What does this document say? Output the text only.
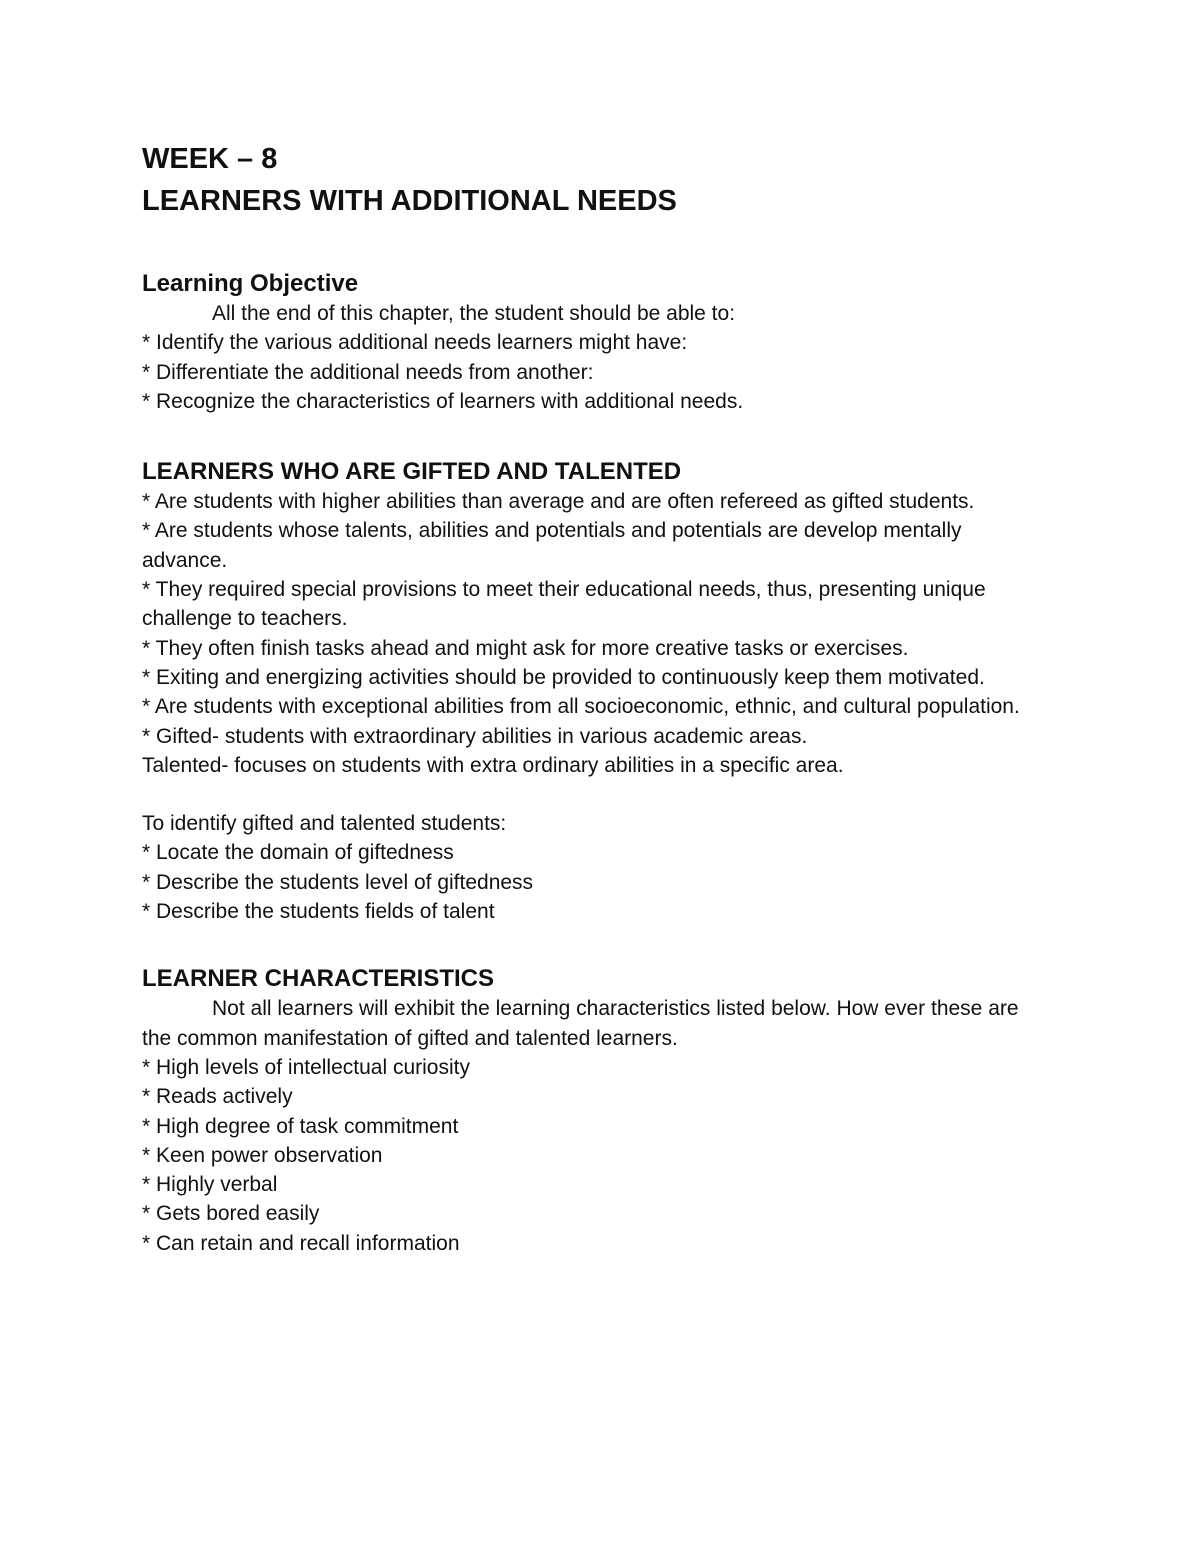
WEEK – 8
LEARNERS WITH ADDITIONAL NEEDS
Learning Objective

All the end of this chapter, the student should be able to:

* Identify the various additional needs learners might have:
* Differentiate the additional needs from another:
* Recognize the characteristics of learners with additional needs.
LEARNERS WHO ARE GIFTED AND TALENTED
* Are students with higher abilities than average and are often refereed as gifted students.
* Are students whose talents, abilities and potentials and potentials are develop mentally advance.
* They required special provisions to meet their educational needs, thus, presenting unique challenge to teachers.
* They often finish tasks ahead and might ask for more creative tasks or exercises.
* Exiting and energizing activities should be provided to continuously keep them motivated.
* Are students with exceptional abilities from all socioeconomic, ethnic, and cultural population.
* Gifted- students with extraordinary abilities in various academic areas.
Talented- focuses on students with extra ordinary abilities in a specific area.

To identify gifted and talented students:

* Locate the domain of giftedness
* Describe the students level of giftedness
* Describe the students fields of talent
LEARNER CHARACTERISTICS

Not all learners will exhibit the learning characteristics listed below. How ever these are the common manifestation of gifted and talented learners.

* High levels of intellectual curiosity
* Reads actively
* High degree of task commitment
* Keen power observation
* Highly verbal
* Gets bored easily
* Can retain and recall information
